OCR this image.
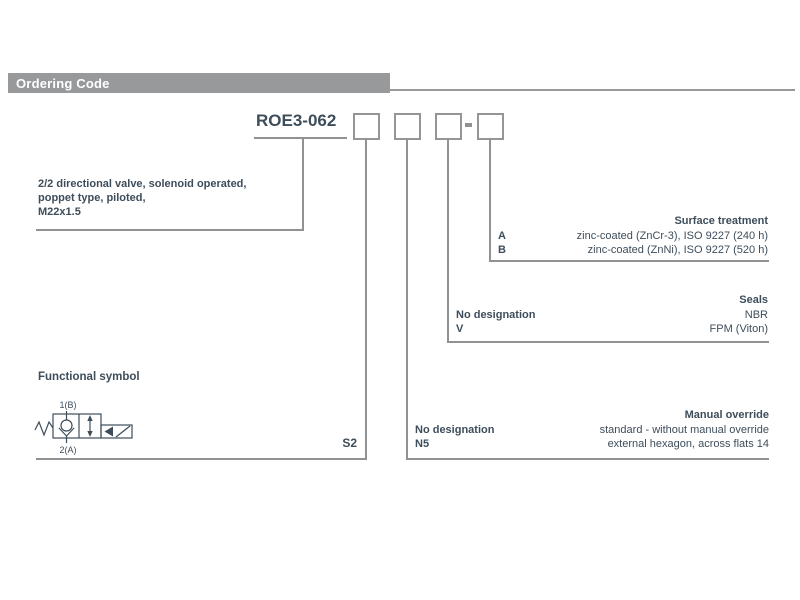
Ordering Code
ROE3-062
2/2 directional valve, solenoid operated,
poppet type, piloted,
M22x1.5
Surface treatment
A	zinc-coated (ZnCr-3), ISO 9227 (240 h)
B	zinc-coated (ZnNi), ISO 9227 (520 h)
Seals
No designation	NBR
V	FPM (Viton)
Manual override
No designation	standard - without manual override
N5	external hexagon, across flats 14
Functional symbol
1(B)
2(A)	S2
